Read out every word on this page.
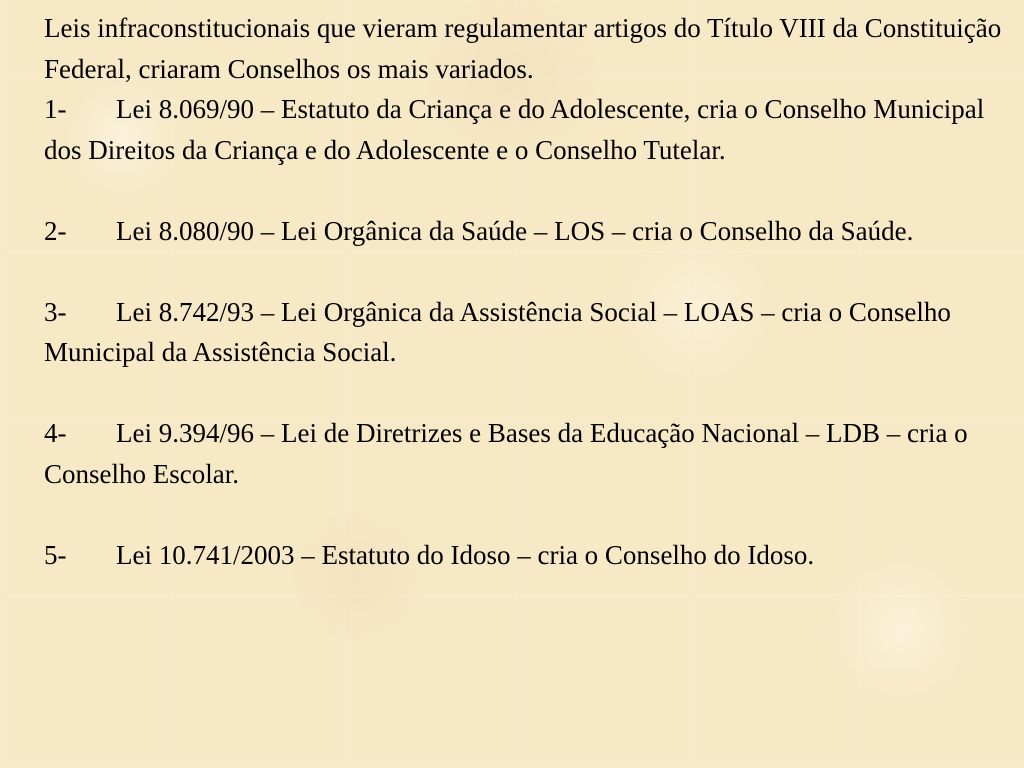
Leis infraconstitucionais que vieram regulamentar artigos do Título VIII da Constituição Federal, criaram Conselhos os mais variados.

1- Lei 8.069/90 – Estatuto da Criança e do Adolescente, cria o Conselho Municipal dos Direitos da Criança e do Adolescente e o Conselho Tutelar.
2- Lei 8.080/90 – Lei Orgânica da Saúde – LOS – cria o Conselho da Saúde.
3- Lei 8.742/93 – Lei Orgânica da Assistência Social – LOAS – cria o Conselho Municipal da Assistência Social.
4- Lei 9.394/96 – Lei de Diretrizes e Bases da Educação Nacional – LDB – cria o Conselho Escolar.
5- Lei 10.741/2003 – Estatuto do Idoso – cria o Conselho do Idoso.
